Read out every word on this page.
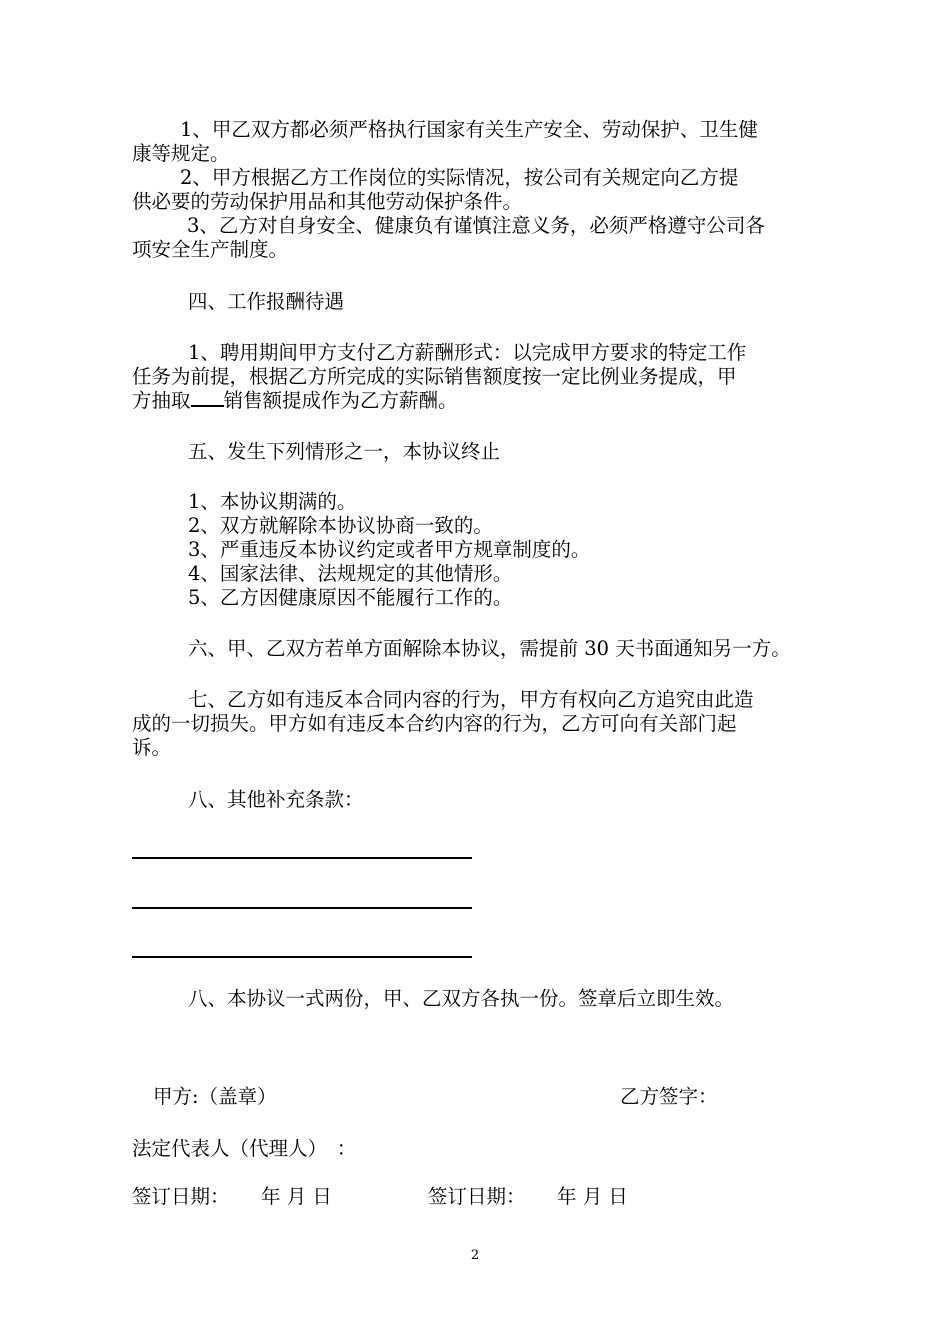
1、甲乙双方都必须严格执行国家有关生产安全、劳动保护、卫生健

康等规定。

2、甲方根据乙方工作岗位的实际情况，按公司有关规定向乙方提

供必要的劳动保护用品和其他劳动保护条件。

3、乙方对自身安全、健康负有谨慎注意义务，必须严格遵守公司各

项安全生产制度。

四、工作报酬待遇

1、聘用期间甲方支付乙方薪酬形式：以完成甲方要求的特定工作

任务为前提，根据乙方所完成的实际销售额度按一定比例业务提成，甲

方抽取 销售额提成作为乙方薪酬。

五、发生下列情形之一，本协议终止

1、本协议期满的。

2、双方就解除本协议协商一致的。

3、严重违反本协议约定或者甲方规章制度的。

4、国家法律、法规规定的其他情形。

5、乙方因健康原因不能履行工作的。

六、甲、乙双方若单方面解除本协议，需提前 30 天书面通知另一方。

七、乙方如有违反本合同内容的行为，甲方有权向乙方追究由此造

成的一切损失。甲方如有违反本合约内容的行为，乙方可向有关部门起

诉。

八、其他补充条款：

八、本协议一式两份，甲、乙双方各执一份。签章后立即生效。

甲方:（盖章）	乙方签字：

法定代表人（代理人）　：

签订日期： 年 月 日	签订日期： 年 月 日

2
